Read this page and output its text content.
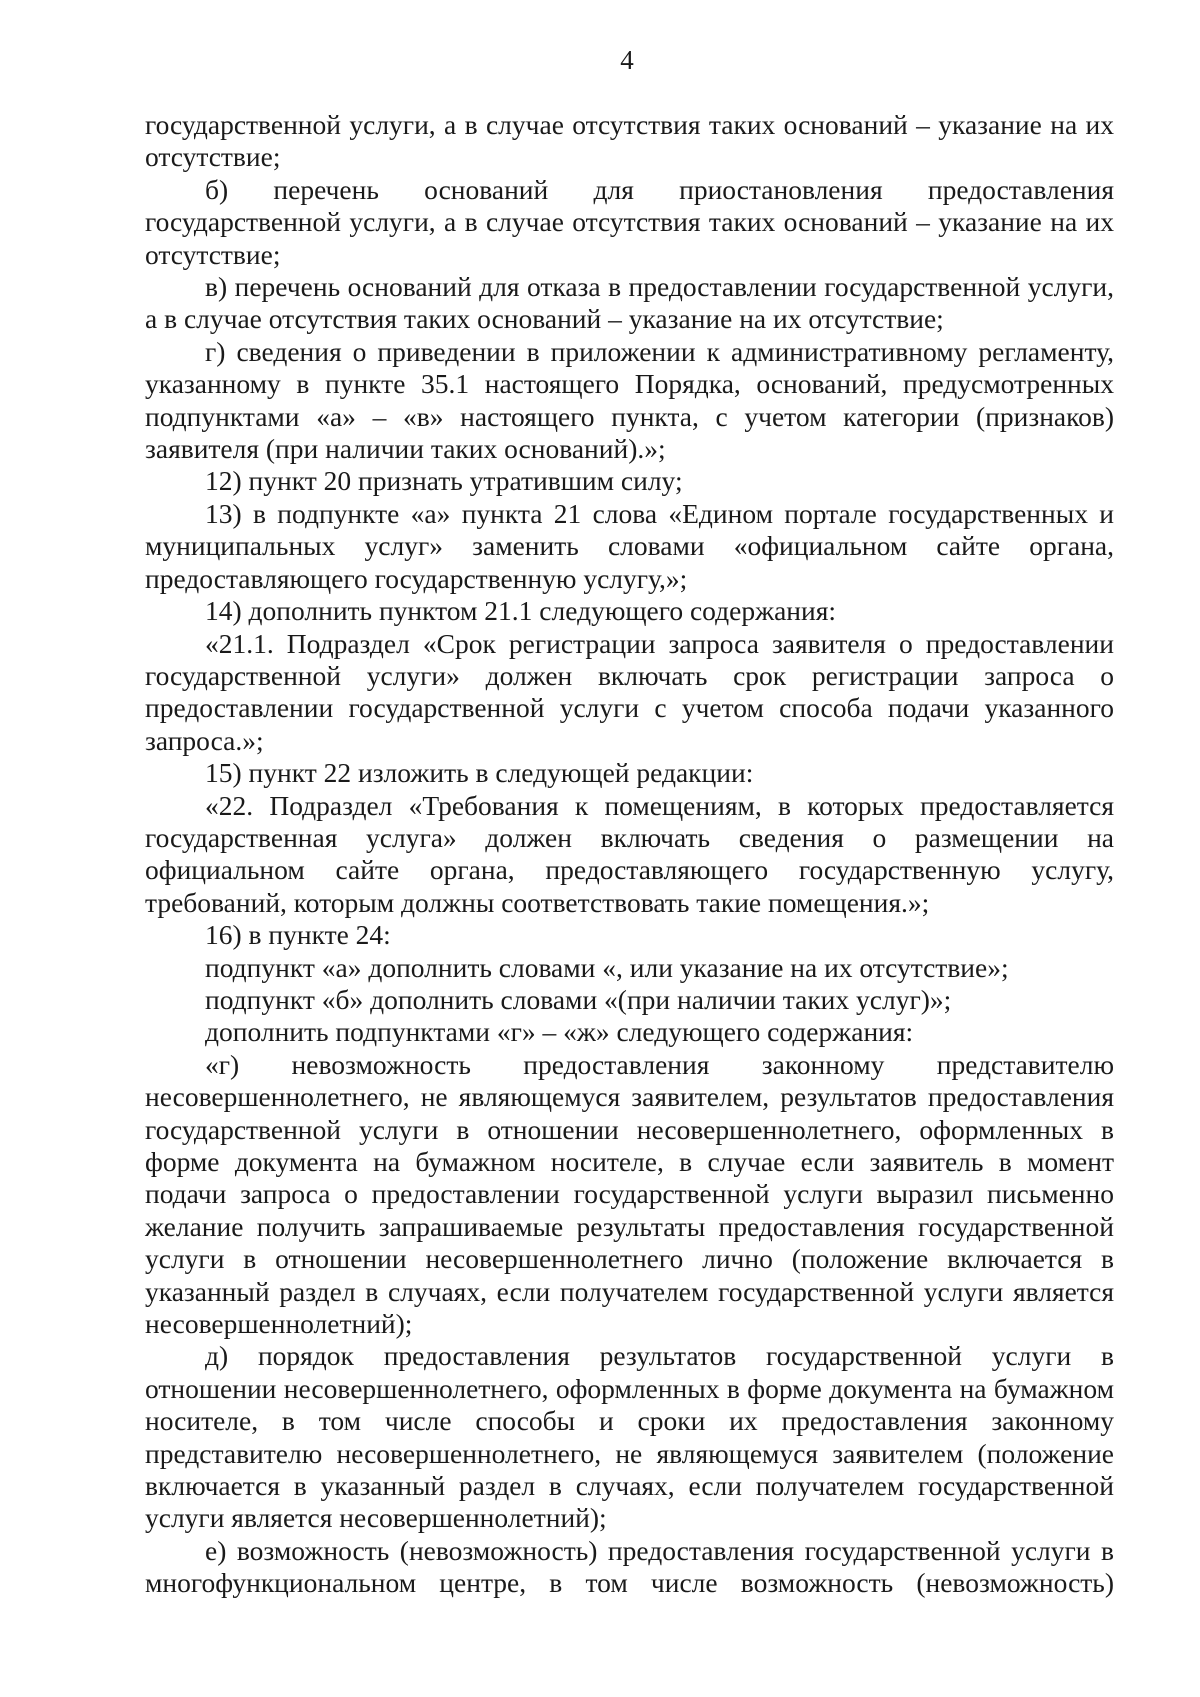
4

государственной услуги, а в случае отсутствия таких оснований – указание на их отсутствие;

б) перечень оснований для приостановления предоставления государственной услуги, а в случае отсутствия таких оснований – указание на их отсутствие;

в) перечень оснований для отказа в предоставлении государственной услуги, а в случае отсутствия таких оснований – указание на их отсутствие;

г) сведения о приведении в приложении к административному регламенту, указанному в пункте 35.1 настоящего Порядка, оснований, предусмотренных подпунктами «а» – «в» настоящего пункта, с учетом категории (признаков) заявителя (при наличии таких оснований).»;

12) пункт 20 признать утратившим силу;

13) в подпункте «а» пункта 21 слова «Едином портале государственных и муниципальных услуг» заменить словами «официальном сайте органа, предоставляющего государственную услугу,»;

14) дополнить пунктом 21.1 следующего содержания:

«21.1. Подраздел «Срок регистрации запроса заявителя о предоставлении государственной услуги» должен включать срок регистрации запроса о предоставлении государственной услуги с учетом способа подачи указанного запроса.»;

15) пункт 22 изложить в следующей редакции:

«22. Подраздел «Требования к помещениям, в которых предоставляется государственная услуга» должен включать сведения о размещении на официальном сайте органа, предоставляющего государственную услугу, требований, которым должны соответствовать такие помещения.»;

16) в пункте 24:

подпункт «а» дополнить словами «, или указание на их отсутствие»;

подпункт «б» дополнить словами «(при наличии таких услуг)»;

дополнить подпунктами «г» – «ж» следующего содержания:

«г) невозможность предоставления законному представителю несовершеннолетнего, не являющемуся заявителем, результатов предоставления государственной услуги в отношении несовершеннолетнего, оформленных в форме документа на бумажном носителе, в случае если заявитель в момент подачи запроса о предоставлении государственной услуги выразил письменно желание получить запрашиваемые результаты предоставления государственной услуги в отношении несовершеннолетнего лично (положение включается в указанный раздел в случаях, если получателем государственной услуги является несовершеннолетний);

д) порядок предоставления результатов государственной услуги в отношении несовершеннолетнего, оформленных в форме документа на бумажном носителе, в том числе способы и сроки их предоставления законному представителю несовершеннолетнего, не являющемуся заявителем (положение включается в указанный раздел в случаях, если получателем государственной услуги является несовершеннолетний);

е) возможность (невозможность) предоставления государственной услуги в многофункциональном центре, в том числе возможность (невозможность)
